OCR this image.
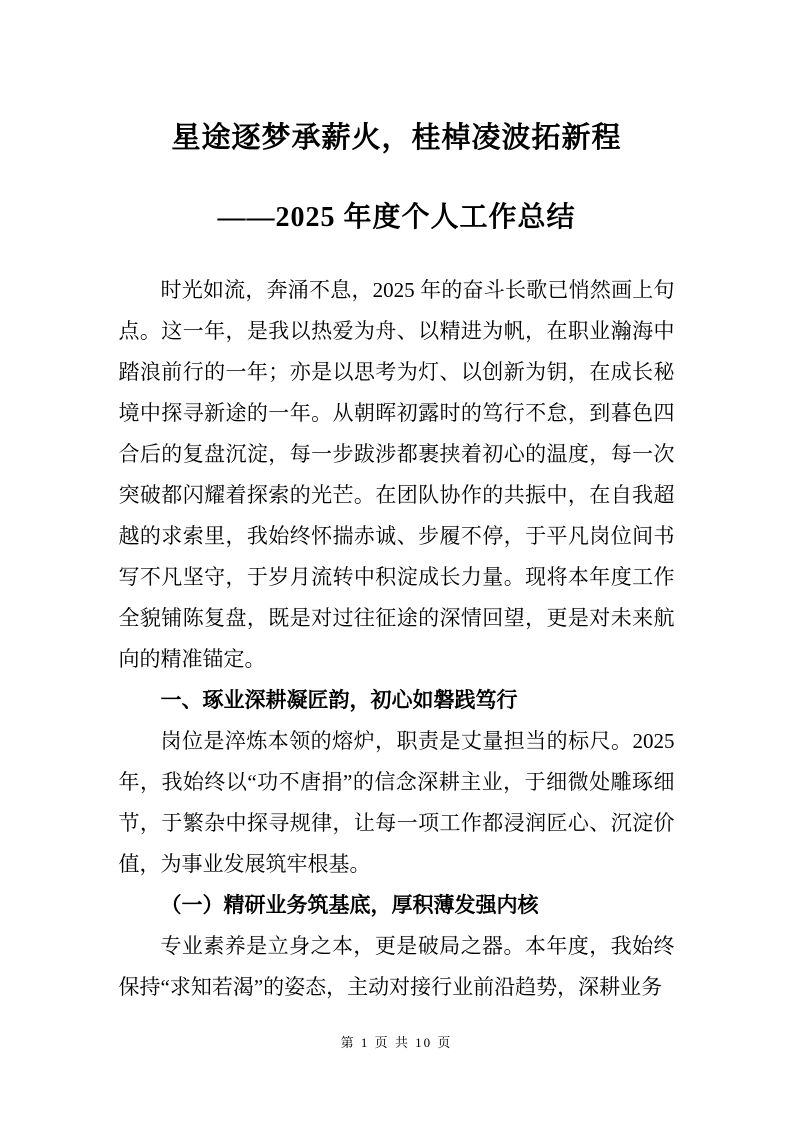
星途逐梦承薪火，桂棹凌波拓新程
——2025 年度个人工作总结

时光如流，奔涌不息，2025 年的奋斗长歌已悄然画上句点。这一年，是我以热爱为舟、以精进为帆，在职业瀚海中踏浪前行的一年；亦是以思考为灯、以创新为钥，在成长秘境中探寻新途的一年。从朝晖初露时的笃行不怠，到暮色四合后的复盘沉淀，每一步跋涉都裹挟着初心的温度，每一次突破都闪耀着探索的光芒。在团队协作的共振中，在自我超越的求索里，我始终怀揣赤诚、步履不停，于平凡岗位间书写不凡坚守，于岁月流转中积淀成长力量。现将本年度工作全貌铺陈复盘，既是对过往征途的深情回望，更是对未来航向的精准锚定。

一、琢业深耕凝匠韵，初心如磐践笃行

岗位是淬炼本领的熔炉，职责是丈量担当的标尺。2025 年，我始终以“功不唐捐”的信念深耕主业，于细微处雕琢细节，于繁杂中探寻规律，让每一项工作都浸润匠心、沉淀价值，为事业发展筑牢根基。

（一）精研业务筑基底，厚积薄发强内核

专业素养是立身之本，更是破局之器。本年度，我始终保持“求知若渴”的姿态，主动对接行业前沿趋势，深耕业务

第 1 页 共 10 页
